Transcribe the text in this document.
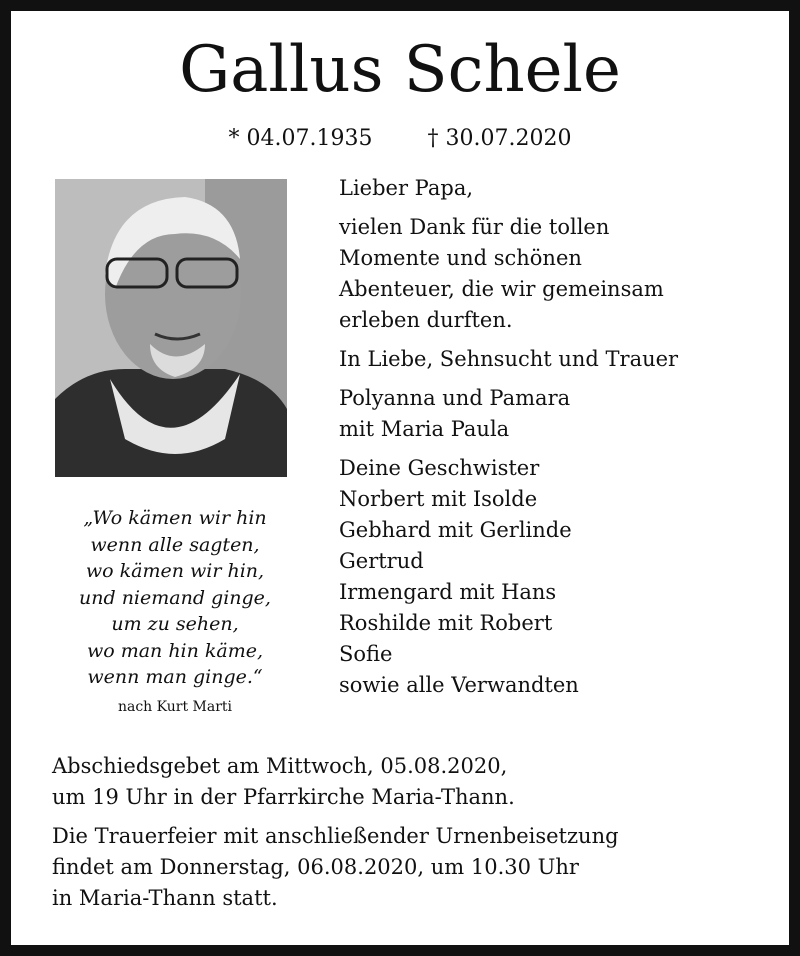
Gallus Schele
* 04.07.1935	† 30.07.2020
„Wo kämen wir hin
wenn alle sagten,
wo kämen wir hin,
und niemand ginge,
um zu sehen,
wo man hin käme,
wenn man ginge.“
nach Kurt Marti

Lieber Papa,

vielen Dank für die tollen

Momente und schönen

Abenteuer, die wir gemeinsam

erleben durften.

In Liebe, Sehnsucht und Trauer

Polyanna und Pamara

mit Maria Paula

Deine Geschwister

Norbert mit Isolde

Gebhard mit Gerlinde

Gertrud

Irmengard mit Hans

Roshilde mit Robert

Sofie

sowie alle Verwandten

Abschiedsgebet am Mittwoch, 05.08.2020,

um 19 Uhr in der Pfarrkirche Maria-Thann.

Die Trauerfeier mit anschließender Urnenbeisetzung

findet am Donnerstag, 06.08.2020, um 10.30 Uhr

in Maria-Thann statt.
